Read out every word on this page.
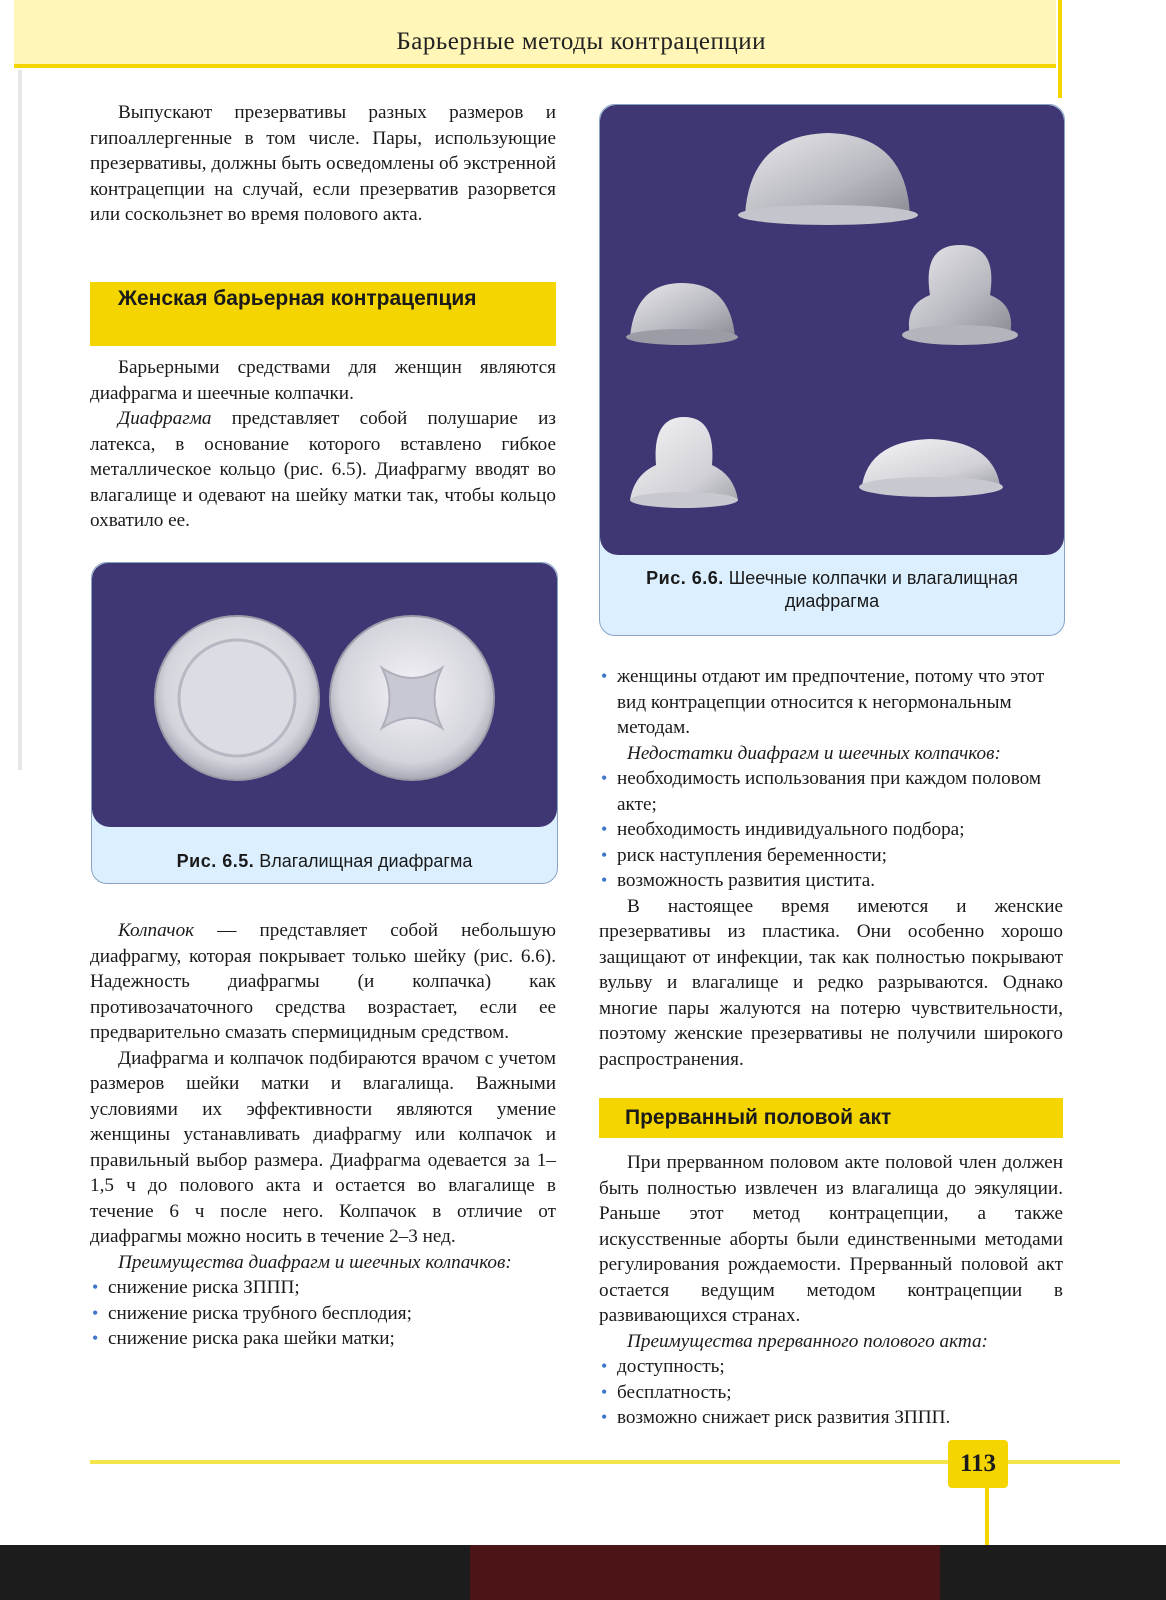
Барьерные методы контрацепции

Выпускают презервативы разных размеров и гипоаллергенные в том числе. Пары, использующие презервативы, должны быть осведомлены об экстренной контрацепции на случай, если презерватив разорвется или соскользнет во время полового акта.

Женская барьерная контрацепция

Барьерными средствами для женщин являются диафрагма и шеечные колпачки.

Диафрагма представляет собой полушарие из латекса, в основание которого вставлено гибкое металлическое кольцо (рис. 6.5). Диафрагму вводят во влагалище и одевают на шейку матки так, чтобы кольцо охватило ее.

Рис. 6.5. Влагалищная диафрагма

Колпачок — представляет собой небольшую диафрагму, которая покрывает только шейку (рис. 6.6). Надежность диафрагмы (и колпачка) как противозачаточного средства возрастает, если ее предварительно смазать спермицидным средством.

Диафрагма и колпачок подбираются врачом с учетом размеров шейки матки и влагалища. Важными условиями их эффективности являются умение женщины устанавливать диафрагму или колпачок и правильный выбор размера. Диафрагма одевается за 1–1,5 ч до полового акта и остается во влагалище в течение 6 ч после него. Колпачок в отличие от диафрагмы можно носить в течение 2–3 нед.

Преимущества диафрагм и шеечных колпачков:

• снижение риска ЗППП;
• снижение риска трубного бесплодия;
• снижение риска рака шейки матки;
Рис. 6.6. Шеечные колпачки и влагалищная диафрагма
• женщины отдают им предпочтение, потому что этот вид контрацепции относится к негормональным методам.

Недостатки диафрагм и шеечных колпачков:

• необходимость использования при каждом половом акте;
• необходимость индивидуального подбора;
• риск наступления беременности;
• возможность развития цистита.

В настоящее время имеются и женские презервативы из пластика. Они особенно хорошо защищают от инфекции, так как полностью покрывают вульву и влагалище и редко разрываются. Однако многие пары жалуются на потерю чувствительности, поэтому женские презервативы не получили широкого распространения.

Прерванный половой акт

При прерванном половом акте половой член должен быть полностью извлечен из влагалища до эякуляции. Раньше этот метод контрацепции, а также искусственные аборты были единственными методами регулирования рождаемости. Прерванный половой акт остается ведущим методом контрацепции в развивающихся странах.

Преимущества прерванного полового акта:

• доступность;
• бесплатность;
• возможно снижает риск развития ЗППП.
113
